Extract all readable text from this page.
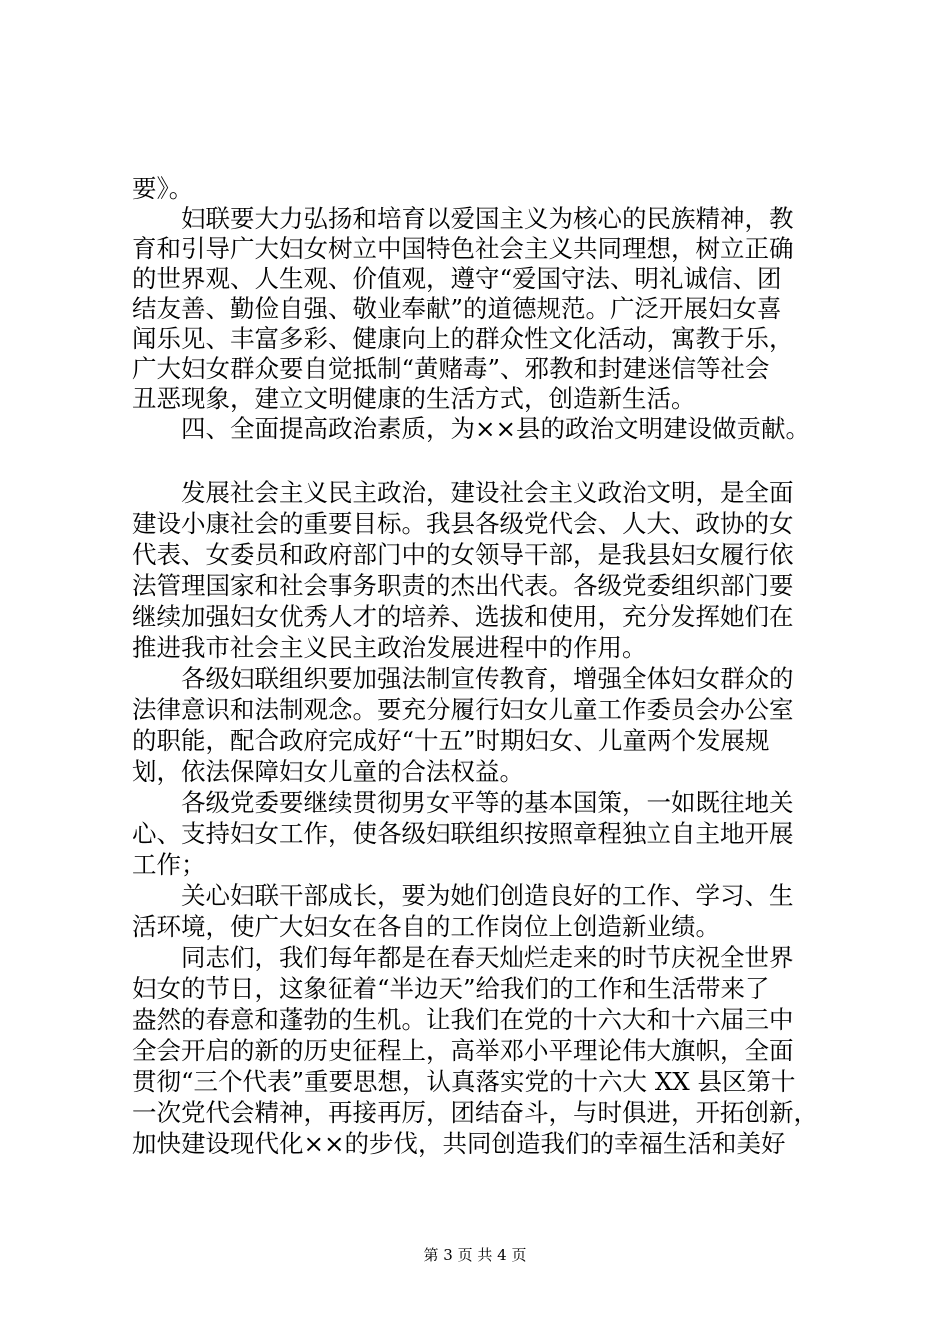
要》。
妇联要大力弘扬和培育以爱国主义为核心的民族精神，教
育和引导广大妇女树立中国特色社会主义共同理想，树立正确
的世界观、人生观、价值观，遵守“爱国守法、明礼诚信、团
结友善、勤俭自强、敬业奉献”的道德规范。广泛开展妇女喜
闻乐见、丰富多彩、健康向上的群众性文化活动，寓教于乐，
广大妇女群众要自觉抵制“黄赌毒”、邪教和封建迷信等社会
丑恶现象，建立文明健康的生活方式，创造新生活。
四、全面提高政治素质，为××县的政治文明建设做贡献。
发展社会主义民主政治，建设社会主义政治文明，是全面
建设小康社会的重要目标。我县各级党代会、人大、政协的女
代表、女委员和政府部门中的女领导干部，是我县妇女履行依
法管理国家和社会事务职责的杰出代表。各级党委组织部门要
继续加强妇女优秀人才的培养、选拔和使用，充分发挥她们在
推进我市社会主义民主政治发展进程中的作用。
各级妇联组织要加强法制宣传教育，增强全体妇女群众的
法律意识和法制观念。要充分履行妇女儿童工作委员会办公室
的职能，配合政府完成好“十五”时期妇女、儿童两个发展规
划，依法保障妇女儿童的合法权益。
各级党委要继续贯彻男女平等的基本国策，一如既往地关
心、支持妇女工作，使各级妇联组织按照章程独立自主地开展
工作；
关心妇联干部成长，要为她们创造良好的工作、学习、生
活环境，使广大妇女在各自的工作岗位上创造新业绩。
同志们，我们每年都是在春天灿烂走来的时节庆祝全世界
妇女的节日，这象征着“半边天”给我们的工作和生活带来了
盎然的春意和蓬勃的生机。让我们在党的十六大和十六届三中
全会开启的新的历史征程上，高举邓小平理论伟大旗帜，全面
贯彻“三个代表”重要思想，认真落实党的十六大 XX 县区第十
一次党代会精神，再接再厉，团结奋斗，与时俱进，开拓创新，
加快建设现代化××的步伐，共同创造我们的幸福生活和美好
第 3 页 共 4 页
